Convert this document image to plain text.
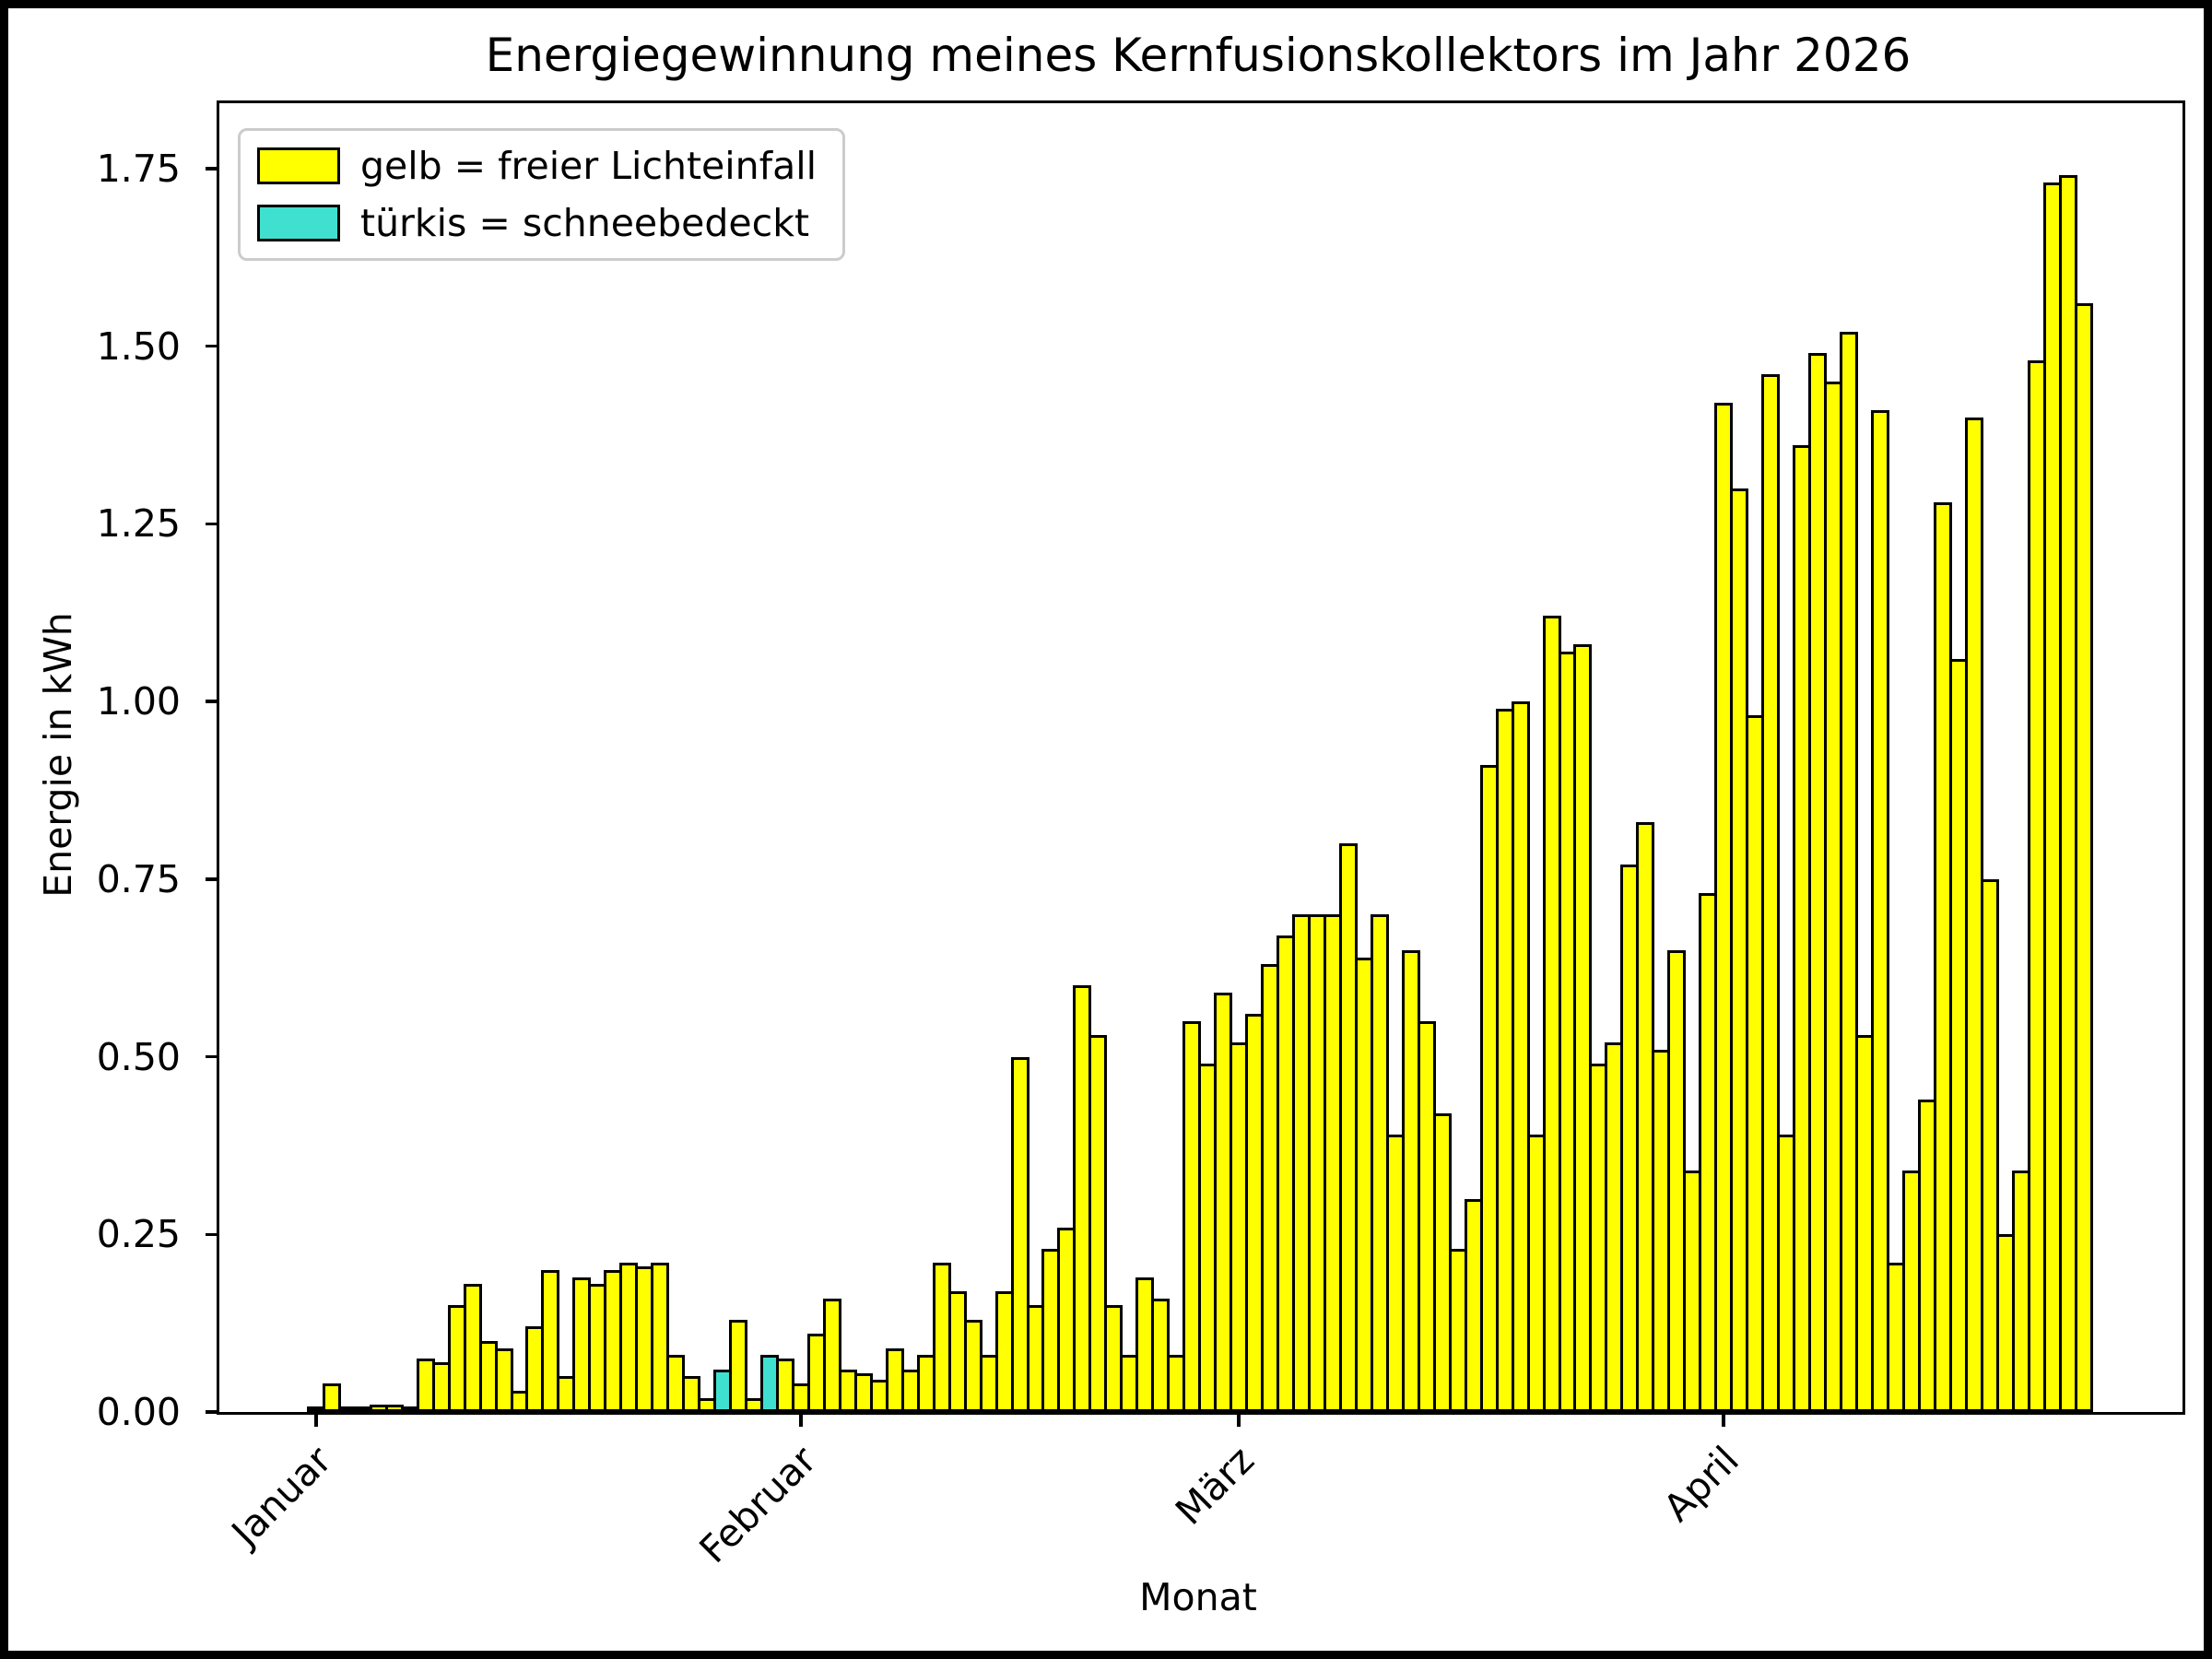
Energiegewinnung meines Kernfusionskollektors im Jahr 2026
Energie in kWh
Monat
0.00
0.25
0.50
0.75
1.00
1.25
1.50
1.75
Januar	Februar	März	April
gelb = freier Lichteinfall
türkis = schneebedeckt
